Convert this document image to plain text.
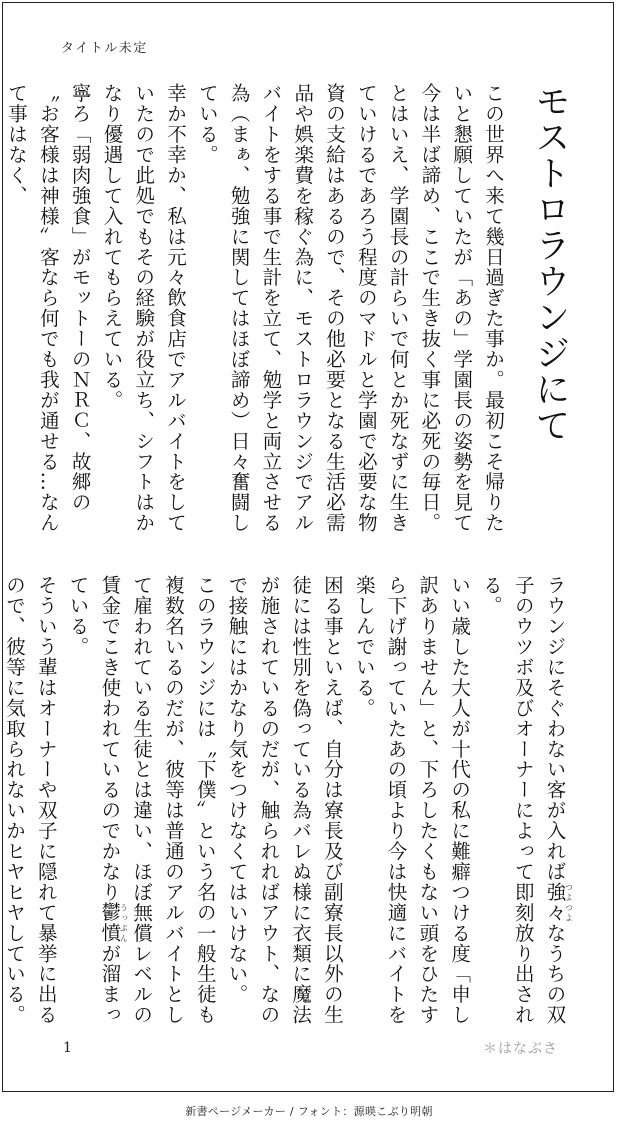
タイトル未定
モストロラウンジにて
この世界へ来て幾日過ぎた事か。最初こそ帰りたいと懇願していたが「あの」学園長の姿勢を見て今は半ば諦め、ここで生き抜く事に必死の毎日。
とはいえ、学園長の計らいで何とか死なずに生きていけるであろう程度のマドルと学園で必要な物資の支給はあるので、その他必要となる生活必需品や娯楽費を稼ぐ為に、モストロラウンジでアルバイトをする事で生計を立て、勉学と両立させる為（まぁ、勉強に関してはほぼ諦め）日々奮闘している。
幸か不幸か、私は元々飲食店でアルバイトをしていたので此処でもその経験が役立ち、シフトはかなり優遇して入れてもらえている。
寧ろ「弱肉強食」がモットーのＮＲＣ、故郷の〝お客様は神様〟客なら何でも我が通せる…なんて事はなく、
ラウンジにそぐわない客が入れば強々つよつよなうちの双子のウツボ及びオーナーによって即刻放り出される。
いい歳した大人が十代の私に難癖つける度「申し訳ありません」と、下ろしたくもない頭をひたすら下げ謝っていたあの頃より今は快適にバイトを楽しんでいる。
困る事といえば、自分は寮長及び副寮長以外の生徒には性別を偽っている為バレぬ様に衣類に魔法が施されているのだが、触られればアウト、なので接触にはかなり気をつけなくてはいけない。
このラウンジには〝下僕〟という名の一般生徒も複数名いるのだが、彼等は普通のアルバイトとして雇われている生徒とは違い、ほぼ無償レベルの賃金でこき使われているのでかなり鬱憤うっぷんが溜まっている。
そういう輩はオーナーや双子に隠れて暴挙に出るので、彼等に気取られないかヒヤヒヤしている。
1	＊はなぶさ
新書ページメーカー / フォント：源暎こぶり明朝
